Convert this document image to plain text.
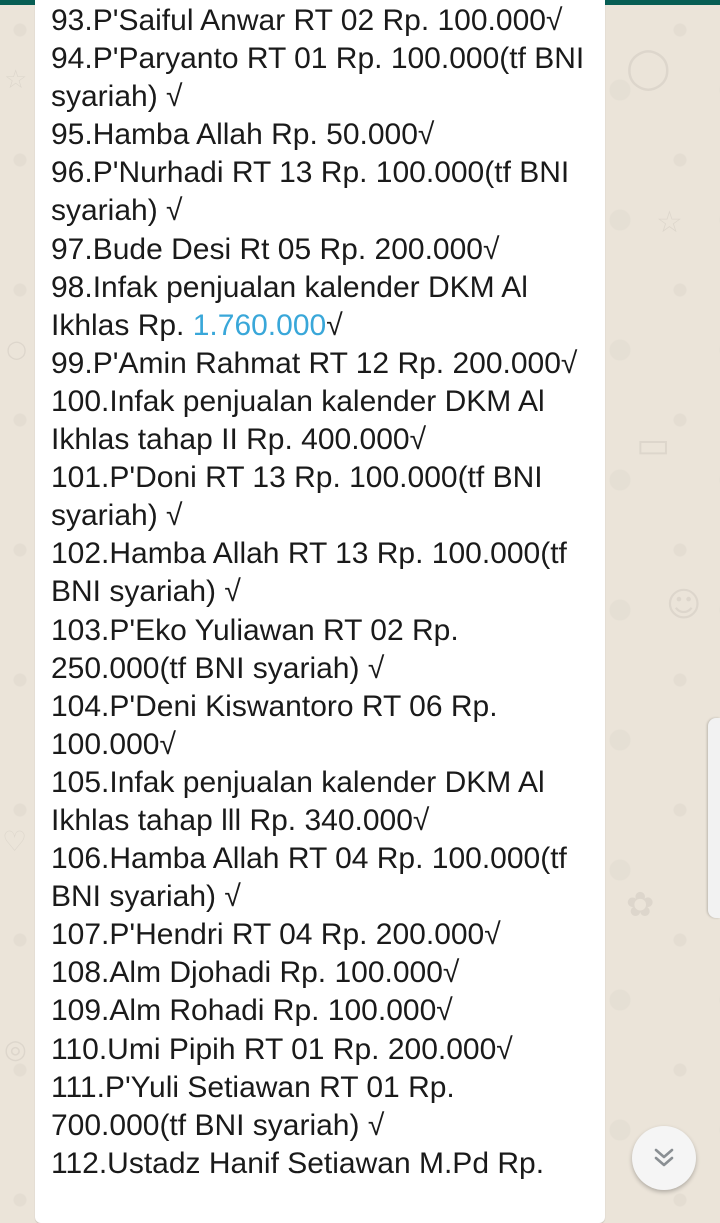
☆
○
♡
◎
◯
☆
▭
☺
✿
93.P'Saiful Anwar RT 02 Rp. 100.000√
94.P'Paryanto RT 01 Rp. 100.000(tf BNI syariah) √
95.Hamba Allah Rp. 50.000√
96.P'Nurhadi RT 13 Rp. 100.000(tf BNI syariah) √
97.Bude Desi Rt 05 Rp. 200.000√
98.Infak penjualan kalender DKM Al Ikhlas Rp. 1.760.000√
99.P'Amin Rahmat RT 12 Rp. 200.000√
100.Infak penjualan kalender DKM Al Ikhlas tahap II Rp. 400.000√
101.P'Doni RT 13 Rp. 100.000(tf BNI syariah) √
102.Hamba Allah RT 13 Rp. 100.000(tf BNI syariah) √
103.P'Eko Yuliawan RT 02 Rp. 250.000(tf BNI syariah) √
104.P'Deni Kiswantoro RT 06 Rp. 100.000√
105.Infak penjualan kalender DKM Al Ikhlas tahap lll Rp. 340.000√
106.Hamba Allah RT 04 Rp. 100.000(tf BNI syariah) √
107.P'Hendri RT 04 Rp. 200.000√
108.Alm Djohadi Rp. 100.000√
109.Alm Rohadi Rp. 100.000√
110.Umi Pipih RT 01 Rp. 200.000√
111.P'Yuli Setiawan RT 01 Rp. 700.000(tf BNI syariah) √
112.Ustadz Hanif Setiawan M.Pd Rp.
